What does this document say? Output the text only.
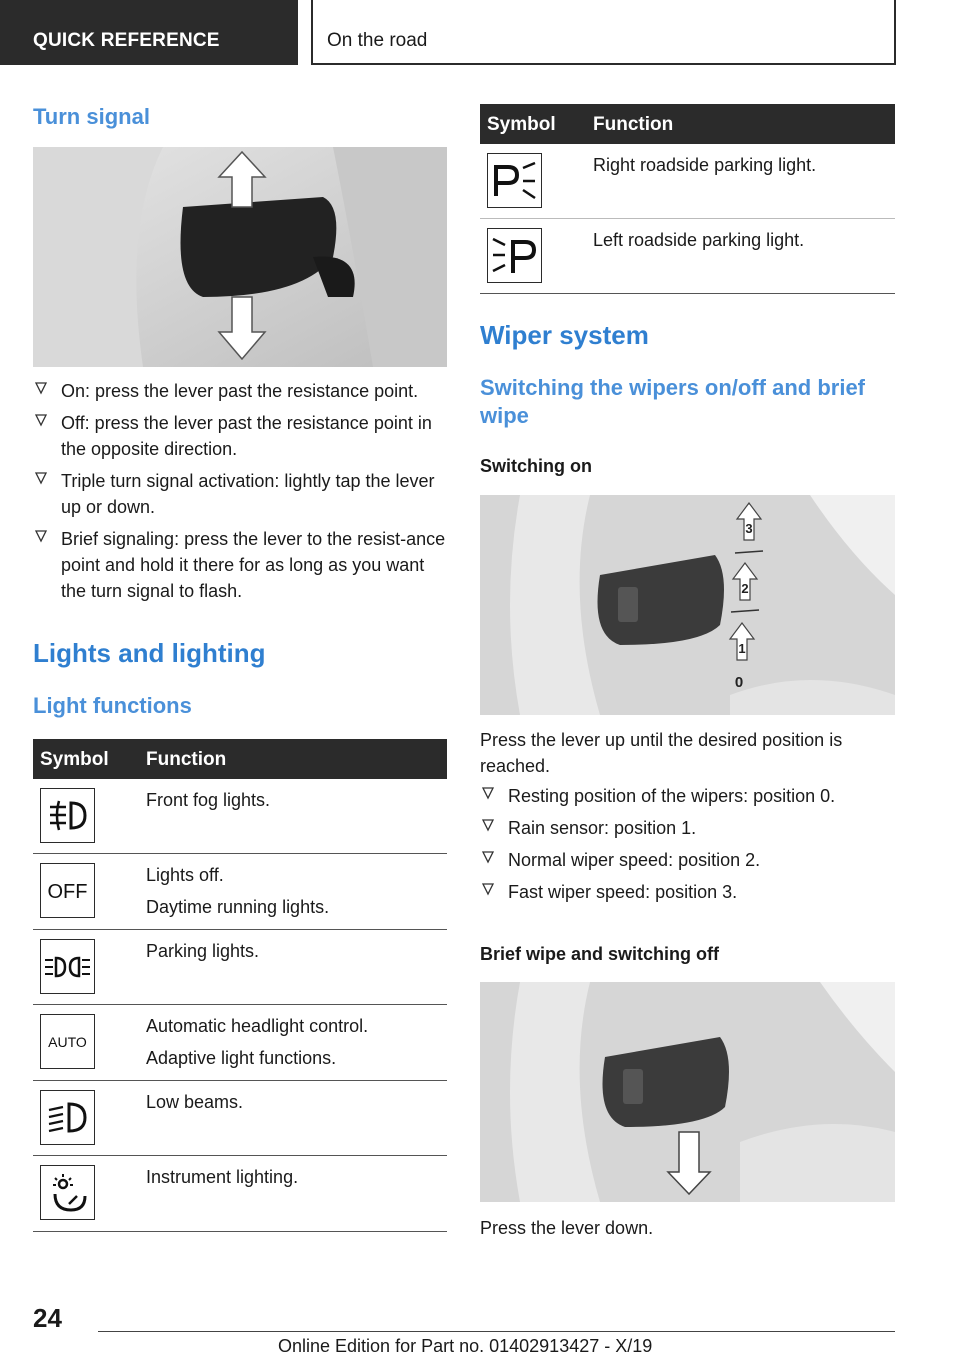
QUICK REFERENCE	On the road
Turn signal
On: press the lever past the resistance point.
Off: press the lever past the resistance point in the opposite direction.
Triple turn signal activation: lightly tap the lever up or down.
Brief signaling: press the lever to the resist‐ance point and hold it there for as long as you want the turn signal to flash.
Lights and lighting
Light functions
Symbol Function

Front fog lights.

OFF

Lights off.

Daytime running lights.

Parking lights.

AUTO

Automatic headlight control.

Adaptive light functions.

Low beams.

Instrument lighting.

Symbol Function

Right roadside parking light.

Left roadside parking light.

Wiper system
Switching the wipers on/off and brief wipe
Switching on
3
2
1
0

Press the lever up until the desired position is reached.

Resting position of the wipers: position 0.
Rain sensor: position 1.
Normal wiper speed: position 2.
Fast wiper speed: position 3.
Brief wipe and switching off

Press the lever down.

24
Online Edition for Part no. 01402913427 - X/19
